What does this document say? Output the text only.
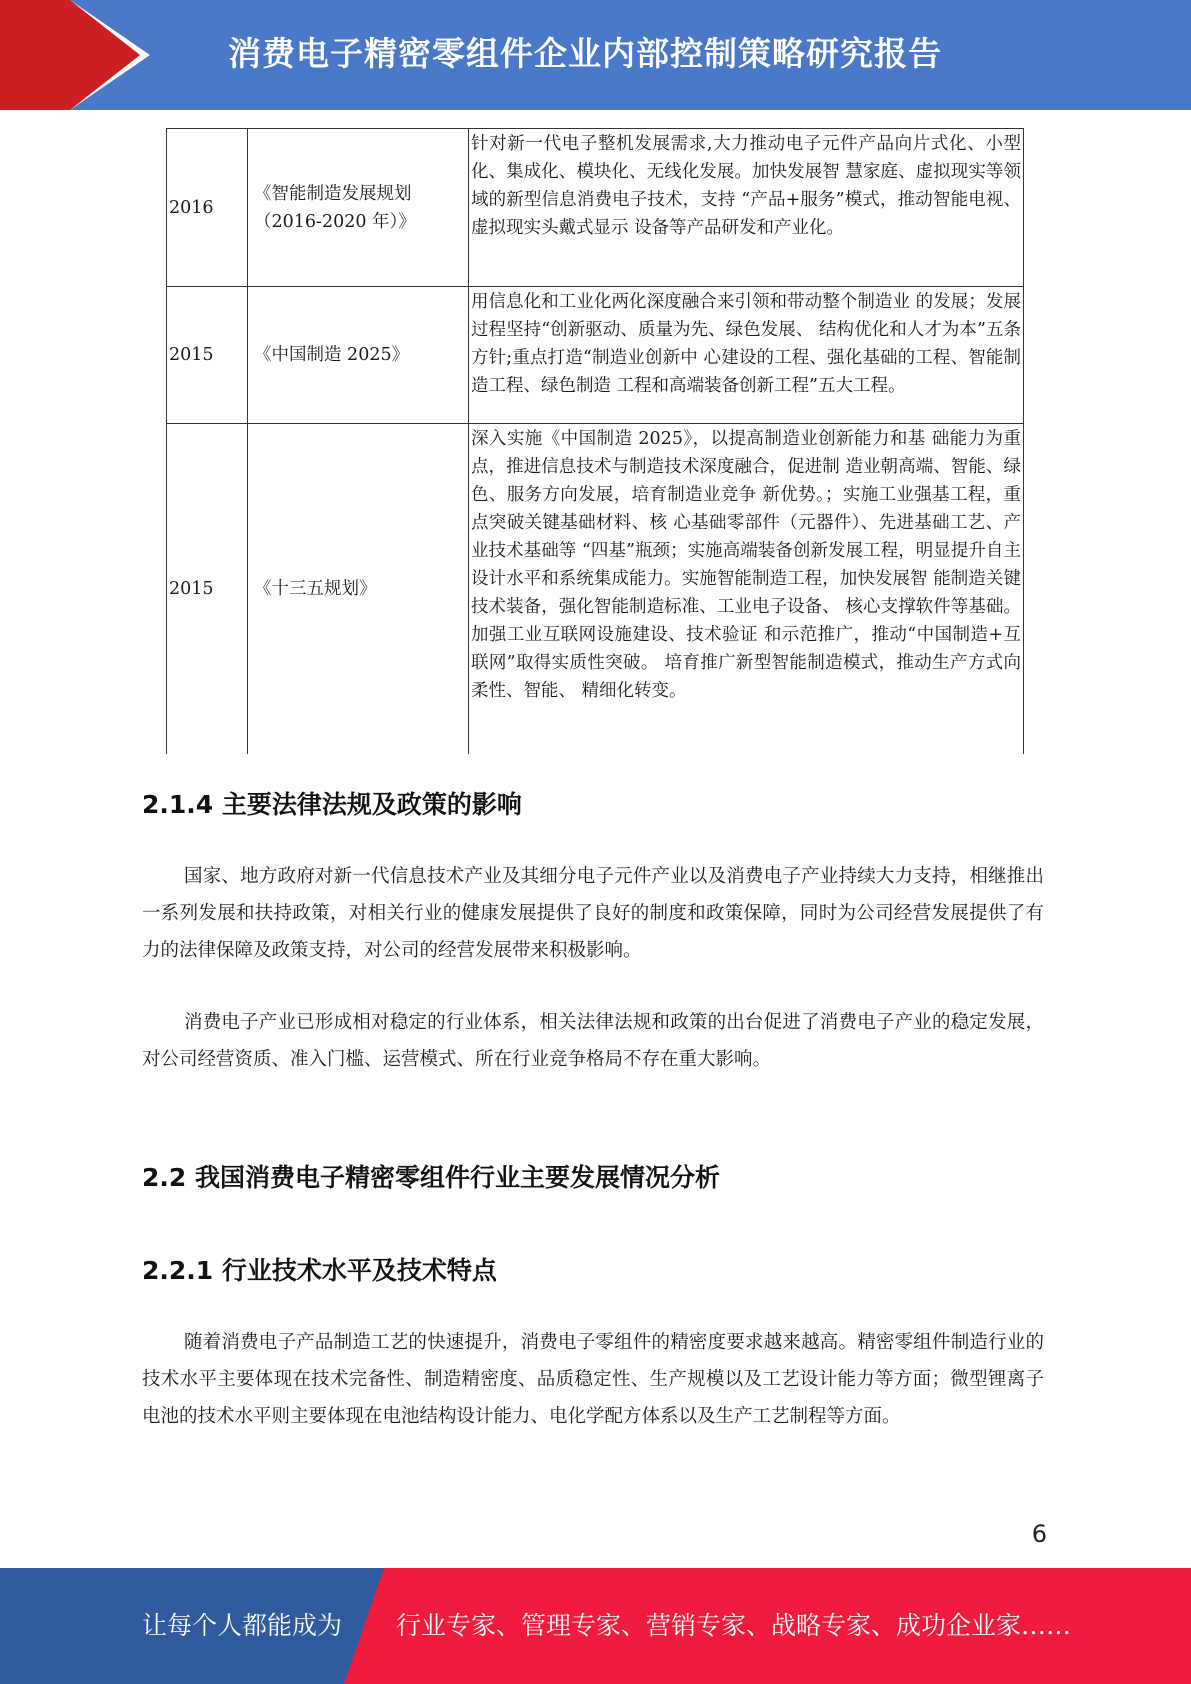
消费电子精密零组件企业内部控制策略研究报告
2016	《智能制造发展规划（2016-2020 年）》	针对新一代电子整机发展需求,大力推动电子元件产品向片式化、小型化、集成化、模块化、无线化发展。加快发展智 慧家庭、虚拟现实等领域的新型信息消费电子技术，支持 “产品+服务”模式，推动智能电视、虚拟现实头戴式显示 设备等产品研发和产业化。
2015	《中国制造 2025》	用信息化和工业化两化深度融合来引领和带动整个制造业 的发展；发展过程坚持“创新驱动、质量为先、绿色发展、 结构优化和人才为本”五条方针;重点打造“制造业创新中 心建设的工程、强化基础的工程、智能制造工程、绿色制造 工程和高端装备创新工程”五大工程。
2015	《十三五规划》	深入实施《中国制造 2025》，以提高制造业创新能力和基 础能力为重点，推进信息技术与制造技术深度融合，促进制 造业朝高端、智能、绿色、服务方向发展，培育制造业竞争 新优势。；实施工业强基工程，重点突破关键基础材料、核 心基础零部件（元器件）、先进基础工艺、产业技术基础等 “四基”瓶颈；实施高端装备创新发展工程，明显提升自主 设计水平和系统集成能力。实施智能制造工程，加快发展智 能制造关键技术装备，强化智能制造标准、工业电子设备、 核心支撑软件等基础。加强工业互联网设施建设、技术验证 和示范推广，推动“中国制造+互联网”取得实质性突破。 培育推广新型智能制造模式，推动生产方式向柔性、智能、 精细化转变。
2.1.4 主要法律法规及政策的影响
国家、地方政府对新一代信息技术产业及其细分电子元件产业以及消费电子产业持续大力支持，相继推出一系列发展和扶持政策，对相关行业的健康发展提供了良好的制度和政策保障，同时为公司经营发展提供了有力的法律保障及政策支持，对公司的经营发展带来积极影响。
消费电子产业已形成相对稳定的行业体系，相关法律法规和政策的出台促进了消费电子产业的稳定发展，对公司经营资质、准入门槛、运营模式、所在行业竞争格局不存在重大影响。
2.2 我国消费电子精密零组件行业主要发展情况分析
2.2.1 行业技术水平及技术特点
随着消费电子产品制造工艺的快速提升，消费电子零组件的精密度要求越来越高。精密零组件制造行业的技术水平主要体现在技术完备性、制造精密度、品质稳定性、生产规模以及工艺设计能力等方面；微型锂离子电池的技术水平则主要体现在电池结构设计能力、电化学配方体系以及生产工艺制程等方面。
6
让每个人都能成为 行业专家、管理专家、营销专家、战略专家、成功企业家……
